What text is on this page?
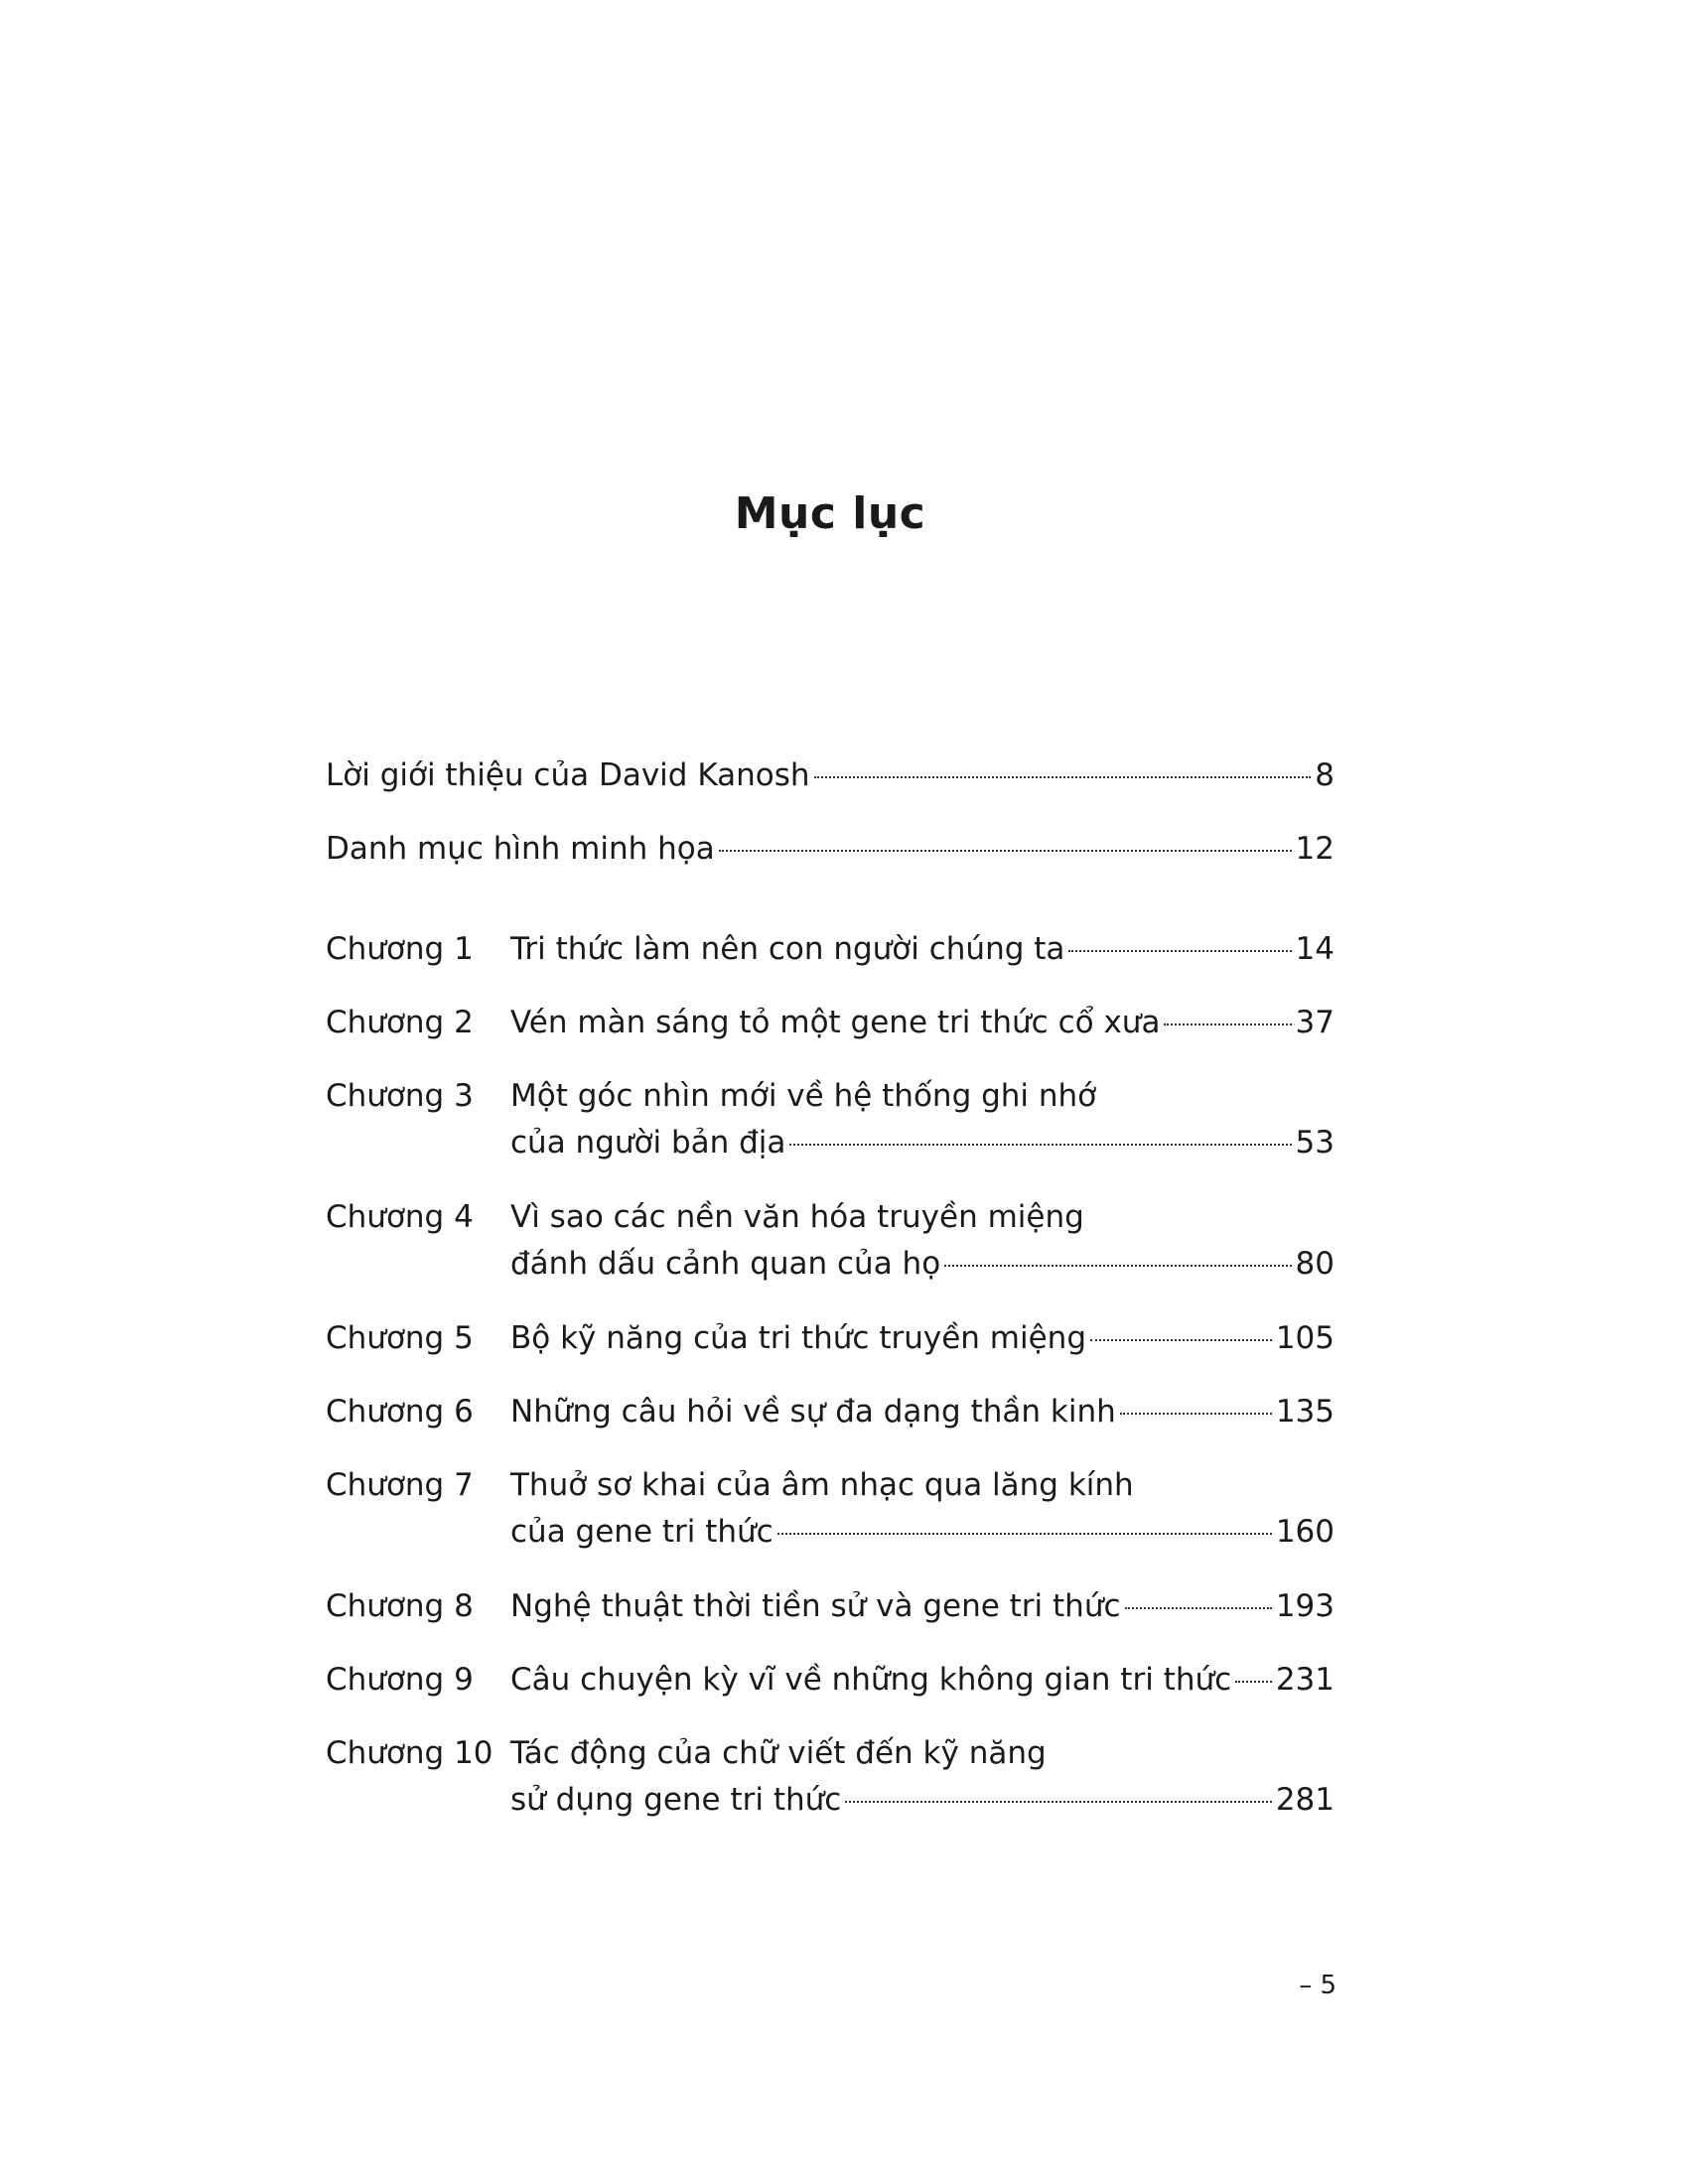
Mục lục
Lời giới thiệu của David Kanosh	8
Danh mục hình minh họa	12
Chương 1	Tri thức làm nên con người chúng ta	14
Chương 2	Vén màn sáng tỏ một gene tri thức cổ xưa	37
Chương 3	Một góc nhìn mới về hệ thống ghi nhớ
của người bản địa	53
Chương 4	Vì sao các nền văn hóa truyền miệng
đánh dấu cảnh quan của họ	80
Chương 5	Bộ kỹ năng của tri thức truyền miệng	105
Chương 6	Những câu hỏi về sự đa dạng thần kinh	135
Chương 7	Thuở sơ khai của âm nhạc qua lăng kính
của gene tri thức	160
Chương 8	Nghệ thuật thời tiền sử và gene tri thức	193
Chương 9	Câu chuyện kỳ vĩ về những không gian tri thức 231
Chương 10 Tác động của chữ viết đến kỹ năng
sử dụng gene tri thức	281
– 5
